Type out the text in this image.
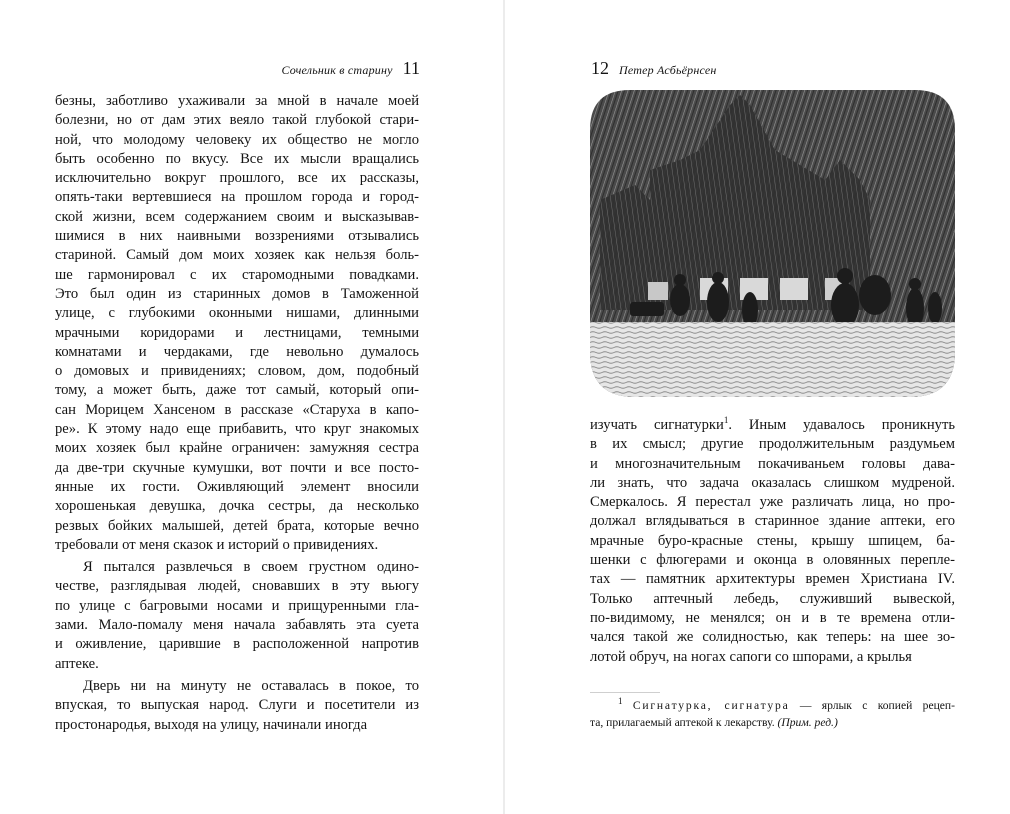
Сочельник в старину 11
безны, заботливо ухаживали за мной в начале моей
болезни, но от дам этих веяло такой глубокой стари-
ной, что молодому человеку их общество не могло
быть особенно по вкусу. Все их мысли вращались
исключительно вокруг прошлого, все их рассказы,
опять-таки вертевшиеся на прошлом города и город-
ской жизни, всем содержанием своим и высказывав-
шимися в них наивными воззрениями отзывались
стариной. Самый дом моих хозяек как нельзя боль-
ше гармонировал с их старомодными повадками.
Это был один из старинных домов в Таможенной
улице, с глубокими оконными нишами, длинными
мрачными коридорами и лестницами, темными
комнатами и чердаками, где невольно думалось
о домовых и привидениях; словом, дом, подобный
тому, а может быть, даже тот самый, который опи-
сан Морицем Хансеном в рассказе «Старуха в капо-
ре». К этому надо еще прибавить, что круг знакомых
моих хозяек был крайне ограничен: замужняя сестра
да две-три скучные кумушки, вот почти и все посто-
янные их гости. Оживляющий элемент вносили
хорошенькая девушка, дочка сестры, да несколько
резвых бойких малышей, детей брата, которые вечно
требовали от меня сказок и историй о привидениях.
Я пытался развлечься в своем грустном одино-
честве, разглядывая людей, сновавших в эту вьюгу
по улице с багровыми носами и прищуренными гла-
зами. Мало-помалу меня начала забавлять эта суета
и оживление, царившие в расположенной напротив
аптеке.
Дверь ни на минуту не оставалась в покое, то
впуская, то выпуская народ. Слуги и посетители из
простонародья, выходя на улицу, начинали иногда
12 Петер Асбьёрнсен
изучать сигнатурки$^1$. Иным удавалось проникнуть
в их смысл; другие продолжительным раздумьем
и многозначительным покачиваньем головы дава-
ли знать, что задача оказалась слишком мудреной.
Смеркалось. Я перестал уже различать лица, но про-
должал вглядываться в старинное здание аптеки, его
мрачные буро-красные стены, крышу шпицем, ба-
шенки с флюгерами и оконца в оловянных перепле-
тах — памятник архитектуры времен Христиана IV.
Только аптечный лебедь, служивший вывеской,
по-видимому, не менялся; он и в те времена отли-
чался такой же солидностью, как теперь: на шее зо-
лотой обруч, на ногах сапоги со шпорами, а крылья
$^1$ Сигнатурка, сигнатура — ярлык с копией рецеп-
та, прилагаемый аптекой к лекарству. (Прим. ред.)
